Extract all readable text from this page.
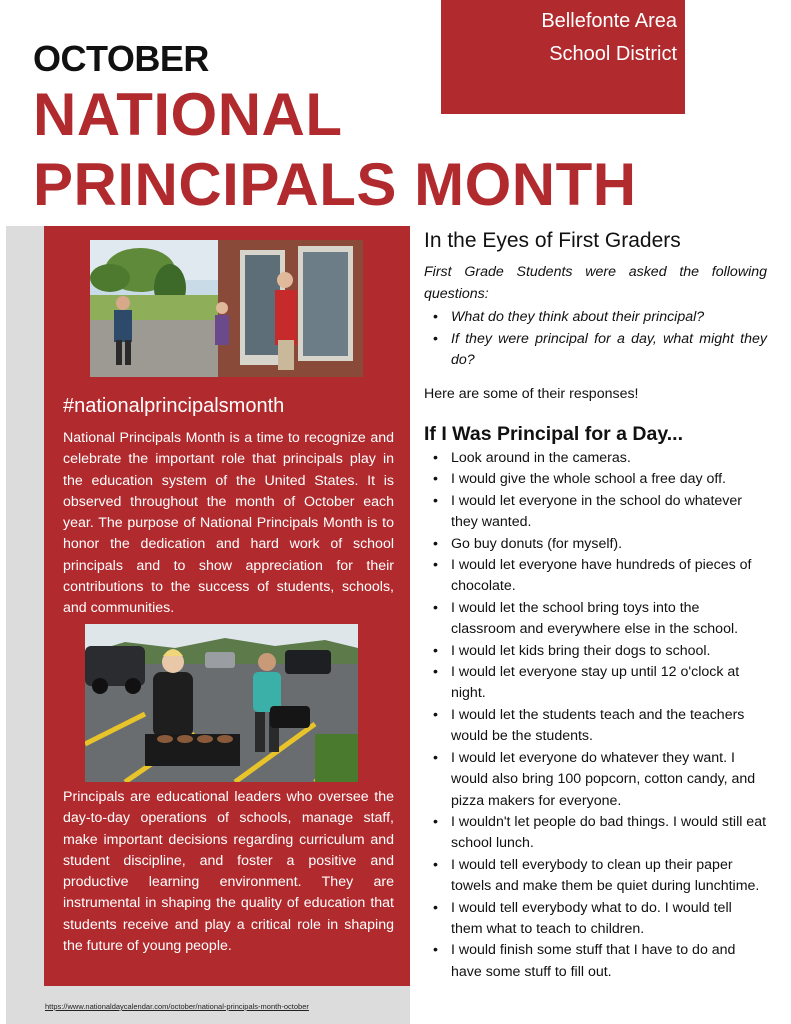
Bellefonte Area
School District
OCTOBER
NATIONAL
PRINCIPALS MONTH
#nationalprincipalsmonth

National Principals Month is a time to recognize and celebrate the important role that principals play in the education system of the United States. It is observed throughout the month of October each year. The purpose of National Principals Month is to honor the dedication and hard work of school principals and to show appreciation for their contributions to the success of students, schools, and communities.

Principals are educational leaders who oversee the day-to-day operations of schools, manage staff, make important decisions regarding curriculum and student discipline, and foster a positive and productive learning environment. They are instrumental in shaping the quality of education that students receive and play a critical role in shaping the future of young people.

https://www.nationaldaycalendar.com/october/national-principals-month-october
In the Eyes of First Graders
First Grade Students were asked the following questions:
• What do they think about their principal?
• If they were principal for a day, what might they do?
Here are some of their responses!
If I Was Principal for a Day...
• Look around in the cameras.
• I would give the whole school a free day off.
• I would let everyone in the school do whatever they wanted.
• Go buy donuts (for myself).
• I would let everyone have hundreds of pieces of chocolate.
• I would let the school bring toys into the classroom and everywhere else in the school.
• I would let kids bring their dogs to school.
• I would let everyone stay up until 12 o'clock at night.
• I would let the students teach and the teachers would be the students.
• I would let everyone do whatever they want. I would also bring 100 popcorn, cotton candy, and pizza makers for everyone.
• I wouldn't let people do bad things. I would still eat school lunch.
• I would tell everybody to clean up their paper towels and make them be quiet during lunchtime.
• I would tell everybody what to do. I would tell them what to teach to children.
• I would finish some stuff that I have to do and have some stuff to fill out.
